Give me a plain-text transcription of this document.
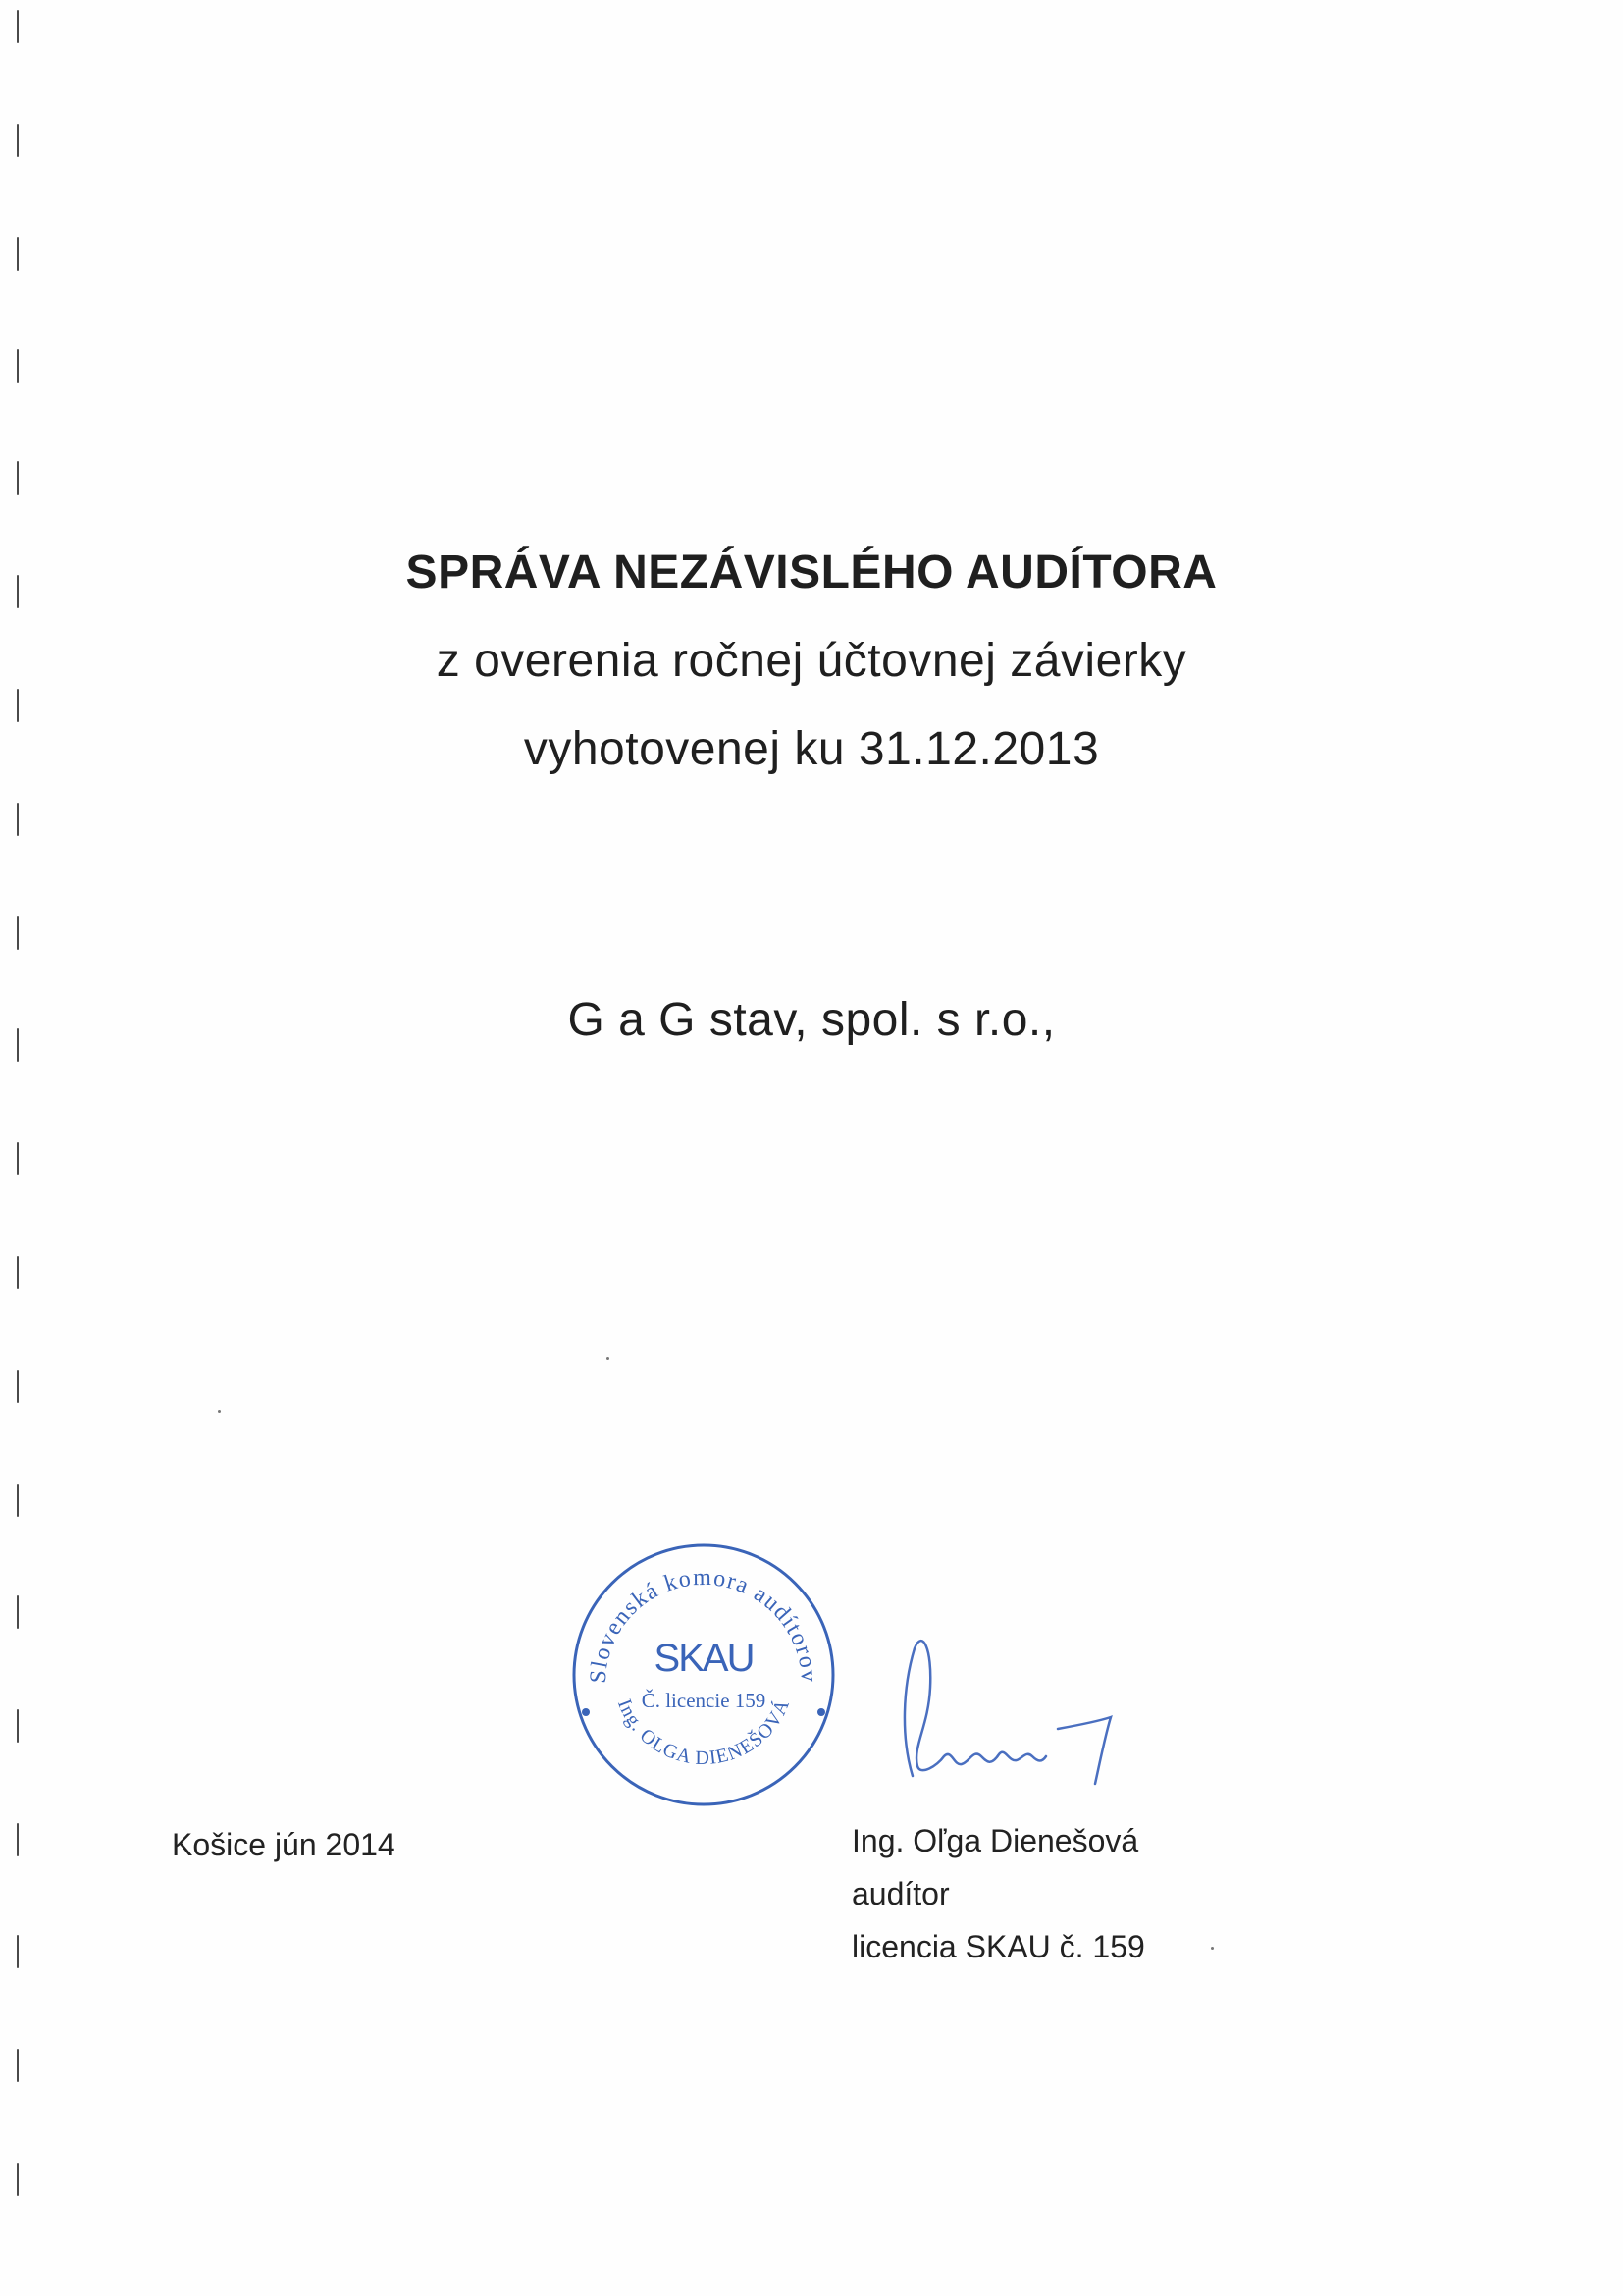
SPRÁVA NEZÁVISLÉHO AUDÍTORA
z overenia ročnej účtovnej závierky
vyhotovenej ku 31.12.2013
G a G stav, spol. s r.o.,
Slovenská komora audítorov
Ing. OLGA DIENEŠOVÁ
SKAU
Č. licencie 159
Košice jún 2014	Ing. Oľga Dienešová
audítor
licencia SKAU č. 159
